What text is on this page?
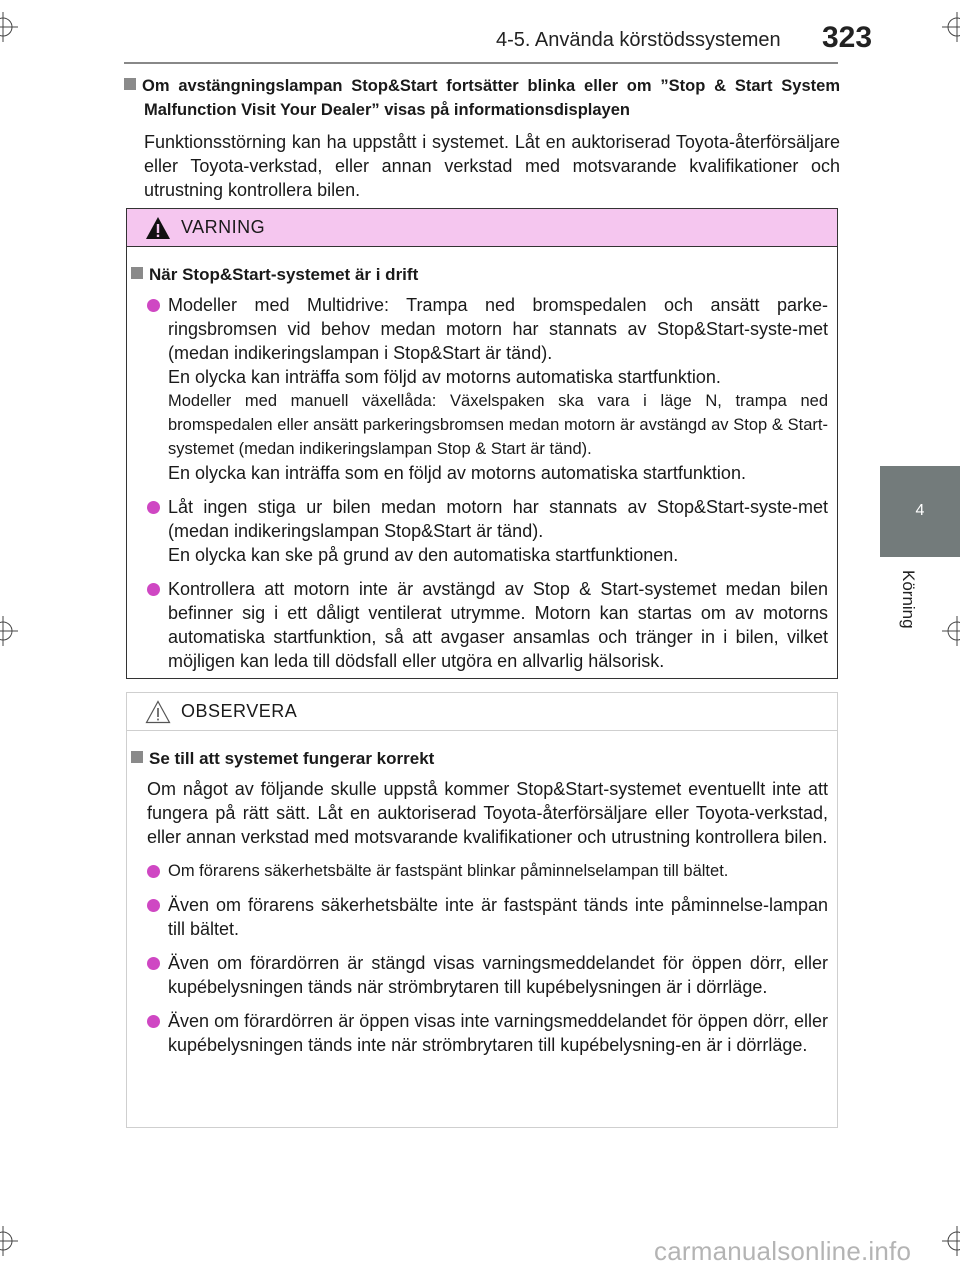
4-5. Använda körstödssystemen 323
4
Körning
Om avstängningslampan Stop&Start fortsätter blinka eller om ”Stop & Start System Malfunction Visit Your Dealer” visas på informationsdisplayen
Funktionsstörning kan ha uppstått i systemet. Låt en auktoriserad Toyota-återförsäljare eller Toyota-verkstad, eller annan verkstad med motsvarande kvalifikationer och utrustning kontrollera bilen.
VARNING
När Stop&Start-systemet är i drift
Modeller med Multidrive: Trampa ned bromspedalen och ansätt parke-ringsbromsen vid behov medan motorn har stannats av Stop&Start-syste-met (medan indikeringslampan i Stop&Start är tänd).
En olycka kan inträffa som följd av motorns automatiska startfunktion.
Modeller med manuell växellåda: Växelspaken ska vara i läge N, trampa ned bromspedalen eller ansätt parkeringsbromsen medan motorn är avstängd av Stop & Start-systemet (medan indikeringslampan Stop & Start är tänd).
En olycka kan inträffa som en följd av motorns automatiska startfunktion.
Låt ingen stiga ur bilen medan motorn har stannats av Stop&Start-syste-met (medan indikeringslampan Stop&Start är tänd).
En olycka kan ske på grund av den automatiska startfunktionen.
Kontrollera att motorn inte är avstängd av Stop & Start-systemet medan bilen befinner sig i ett dåligt ventilerat utrymme. Motorn kan startas om av motorns automatiska startfunktion, så att avgaser ansamlas och tränger in i bilen, vilket möjligen kan leda till dödsfall eller utgöra en allvarlig hälsorisk.
OBSERVERA
Se till att systemet fungerar korrekt
Om något av följande skulle uppstå kommer Stop&Start-systemet eventuellt inte att fungera på rätt sätt. Låt en auktoriserad Toyota-återförsäljare eller Toyota-verkstad, eller annan verkstad med motsvarande kvalifikationer och utrustning kontrollera bilen.
Om förarens säkerhetsbälte är fastspänt blinkar påminnelselampan till bältet.
Även om förarens säkerhetsbälte inte är fastspänt tänds inte påminnelse-lampan till bältet.
Även om förardörren är stängd visas varningsmeddelandet för öppen dörr, eller kupébelysningen tänds när strömbrytaren till kupébelysningen är i dörrläge.
Även om förardörren är öppen visas inte varningsmeddelandet för öppen dörr, eller kupébelysningen tänds inte när strömbrytaren till kupébelysning-en är i dörrläge.
carmanualsonline.info
